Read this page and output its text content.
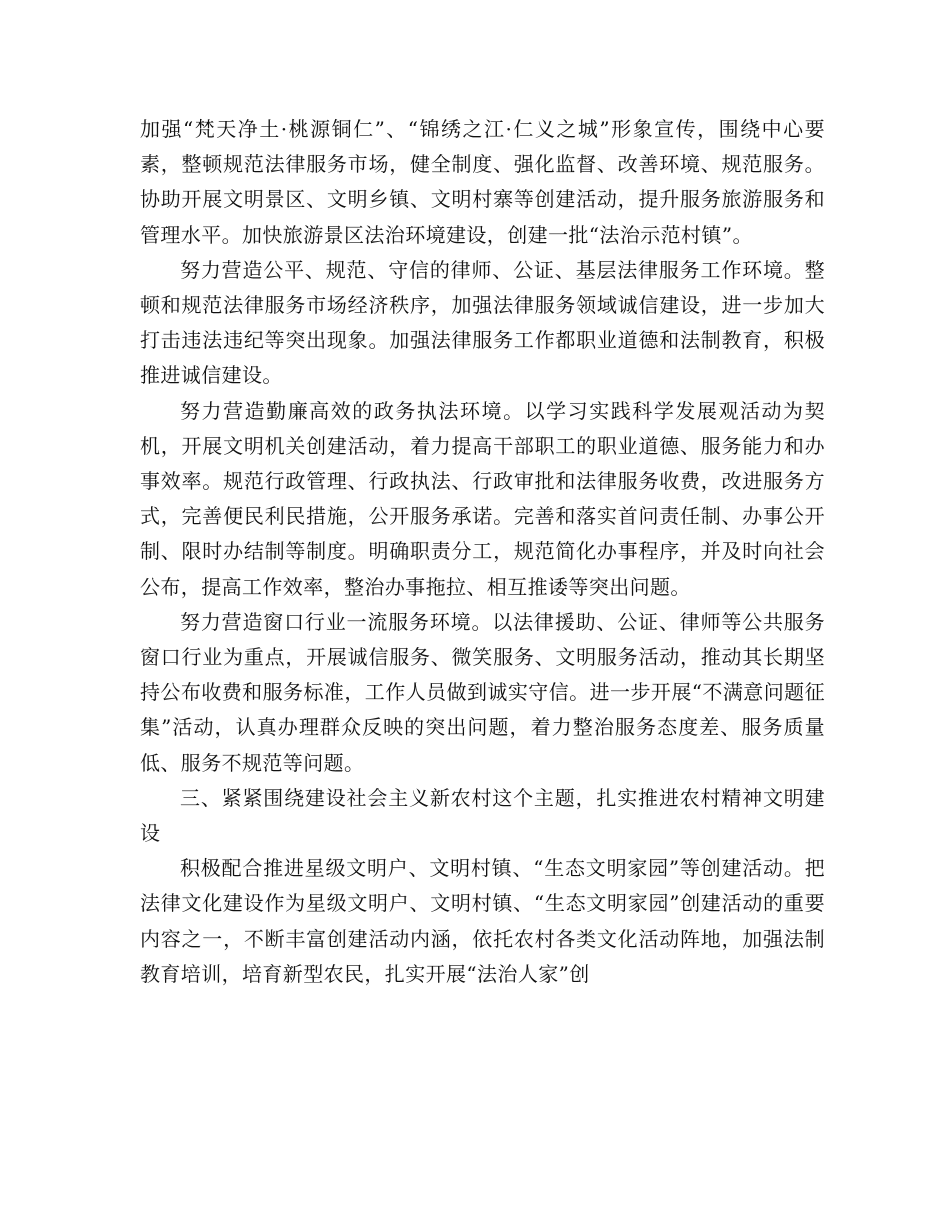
加强“梵天净土·桃源铜仁”、“锦绣之江·仁义之城”形象宣传，围绕中心要素，整顿规范法律服务市场，健全制度、强化监督、改善环境、规范服务。协助开展文明景区、文明乡镇、文明村寨等创建活动，提升服务旅游服务和管理水平。加快旅游景区法治环境建设，创建一批“法治示范村镇”。

努力营造公平、规范、守信的律师、公证、基层法律服务工作环境。整顿和规范法律服务市场经济秩序，加强法律服务领域诚信建设，进一步加大打击违法违纪等突出现象。加强法律服务工作都职业道德和法制教育，积极推进诚信建设。

努力营造勤廉高效的政务执法环境。以学习实践科学发展观活动为契机，开展文明机关创建活动，着力提高干部职工的职业道德、服务能力和办事效率。规范行政管理、行政执法、行政审批和法律服务收费，改进服务方式，完善便民利民措施，公开服务承诺。完善和落实首问责任制、办事公开制、限时办结制等制度。明确职责分工，规范简化办事程序，并及时向社会公布，提高工作效率，整治办事拖拉、相互推诿等突出问题。

努力营造窗口行业一流服务环境。以法律援助、公证、律师等公共服务窗口行业为重点，开展诚信服务、微笑服务、文明服务活动，推动其长期坚持公布收费和服务标准，工作人员做到诚实守信。进一步开展“不满意问题征集”活动，认真办理群众反映的突出问题，着力整治服务态度差、服务质量低、服务不规范等问题。

三、紧紧围绕建设社会主义新农村这个主题，扎实推进农村精神文明建设

积极配合推进星级文明户、文明村镇、“生态文明家园”等创建活动。把法律文化建设作为星级文明户、文明村镇、“生态文明家园”创建活动的重要内容之一，不断丰富创建活动内涵，依托农村各类文化活动阵地，加强法制教育培训，培育新型农民，扎实开展“法治人家”创
